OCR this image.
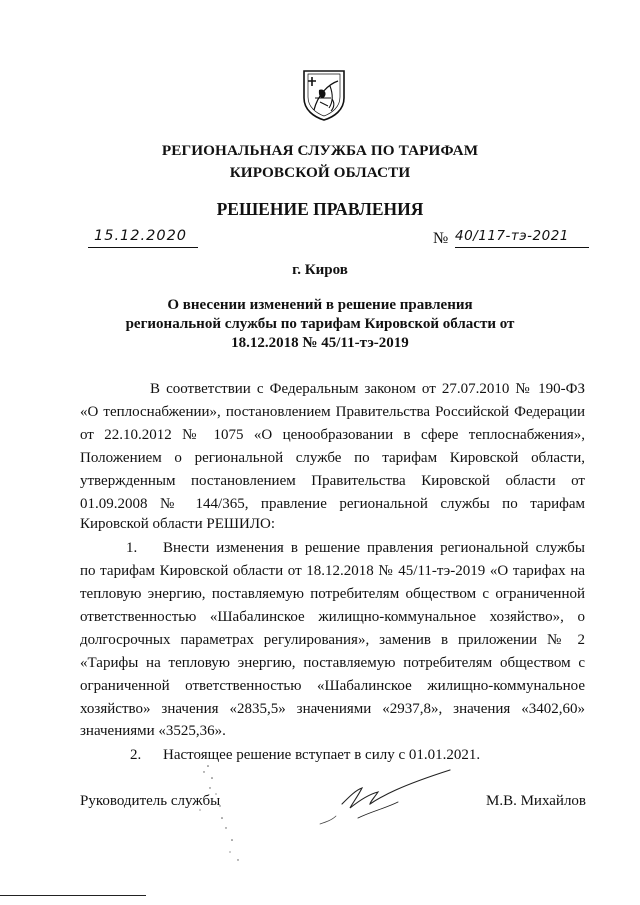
РЕГИОНАЛЬНАЯ СЛУЖБА ПО ТАРИФАМ
КИРОВСКОЙ ОБЛАСТИ
РЕШЕНИЕ ПРАВЛЕНИЯ
15.12.2020	№ 40/117-тэ-2021
г. Киров
О внесении изменений в решение правления
региональной службы по тарифам Кировской области от
18.12.2018 № 45/11-тэ-2019
В соответствии с Федеральным законом от 27.07.2010 № 190-ФЗ
«О теплоснабжении», постановлением Правительства Российской Федерации
от 22.10.2012 № 1075 «О ценообразовании в сфере теплоснабжения»,
Положением о региональной службе по тарифам Кировской области,
утвержденным постановлением Правительства Кировской области от
01.09.2008 № 144/365, правление региональной службы по тарифам
Кировской области РЕШИЛО:
1. Внести изменения в решение правления региональной службы
по тарифам Кировской области от 18.12.2018 № 45/11-тэ-2019 «О тарифах на
тепловую энергию, поставляемую потребителям обществом с ограниченной
ответственностью «Шабалинское жилищно-коммунальное хозяйство», о
долгосрочных параметрах регулирования», заменив в приложении № 2
«Тарифы на тепловую энергию, поставляемую потребителям обществом с
ограниченной ответственностью «Шабалинское жилищно-коммунальное
хозяйство» значения «2835,5» значениями «2937,8», значения «3402,60»
значениями «3525,36».
2. Настоящее решение вступает в силу с 01.01.2021.
Руководитель службы	М.В. Михайлов
